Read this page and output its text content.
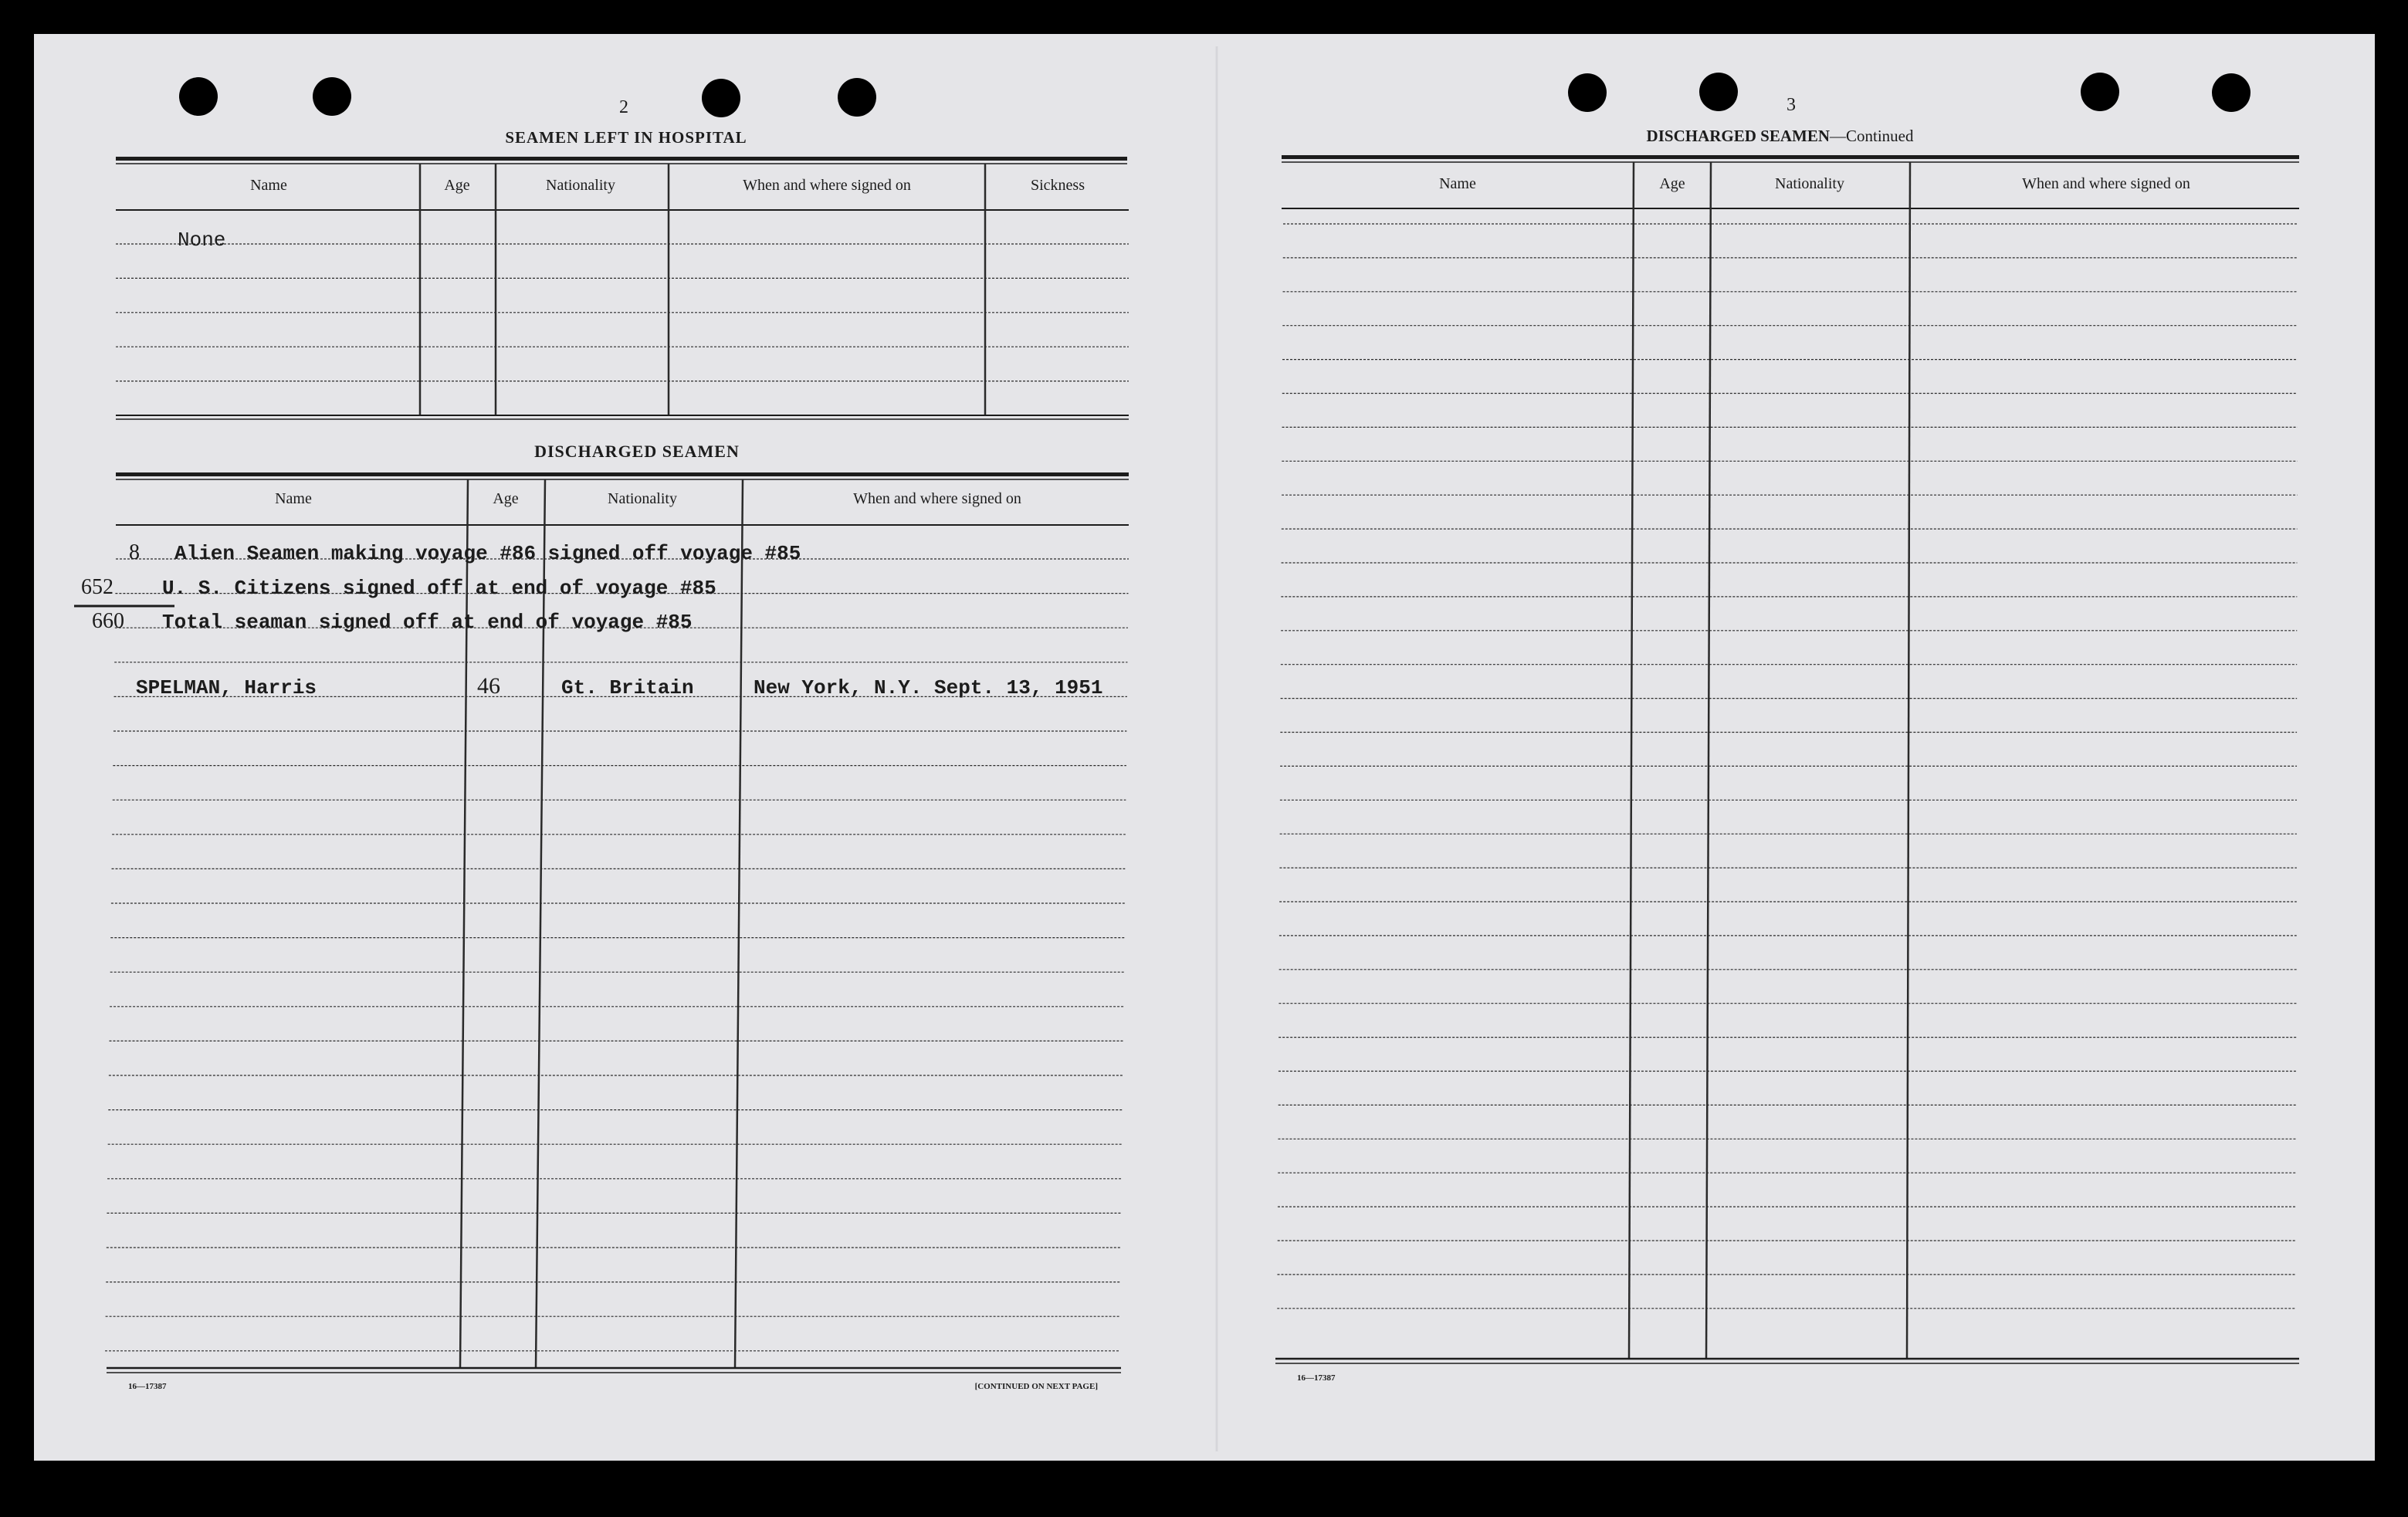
2
SEAMEN LEFT IN HOSPITAL
Name	Age	Nationality	When and where signed on	Sickness
None
DISCHARGED SEAMEN
Name	Age	Nationality	When and where signed on
8 Alien Seamen making voyage #86 signed off voyage #85
652 U. S. Citizens signed off at end of voyage #85
660 Total seaman signed off at end of voyage #85
SPELMAN, Harris	46	Gt. Britain	New York, N.Y. Sept. 13, 1951
16—17387	[CONTINUED ON NEXT PAGE]
3
DISCHARGED SEAMEN —Continued
Name	Age	Nationality	When and where signed on
16—17387
